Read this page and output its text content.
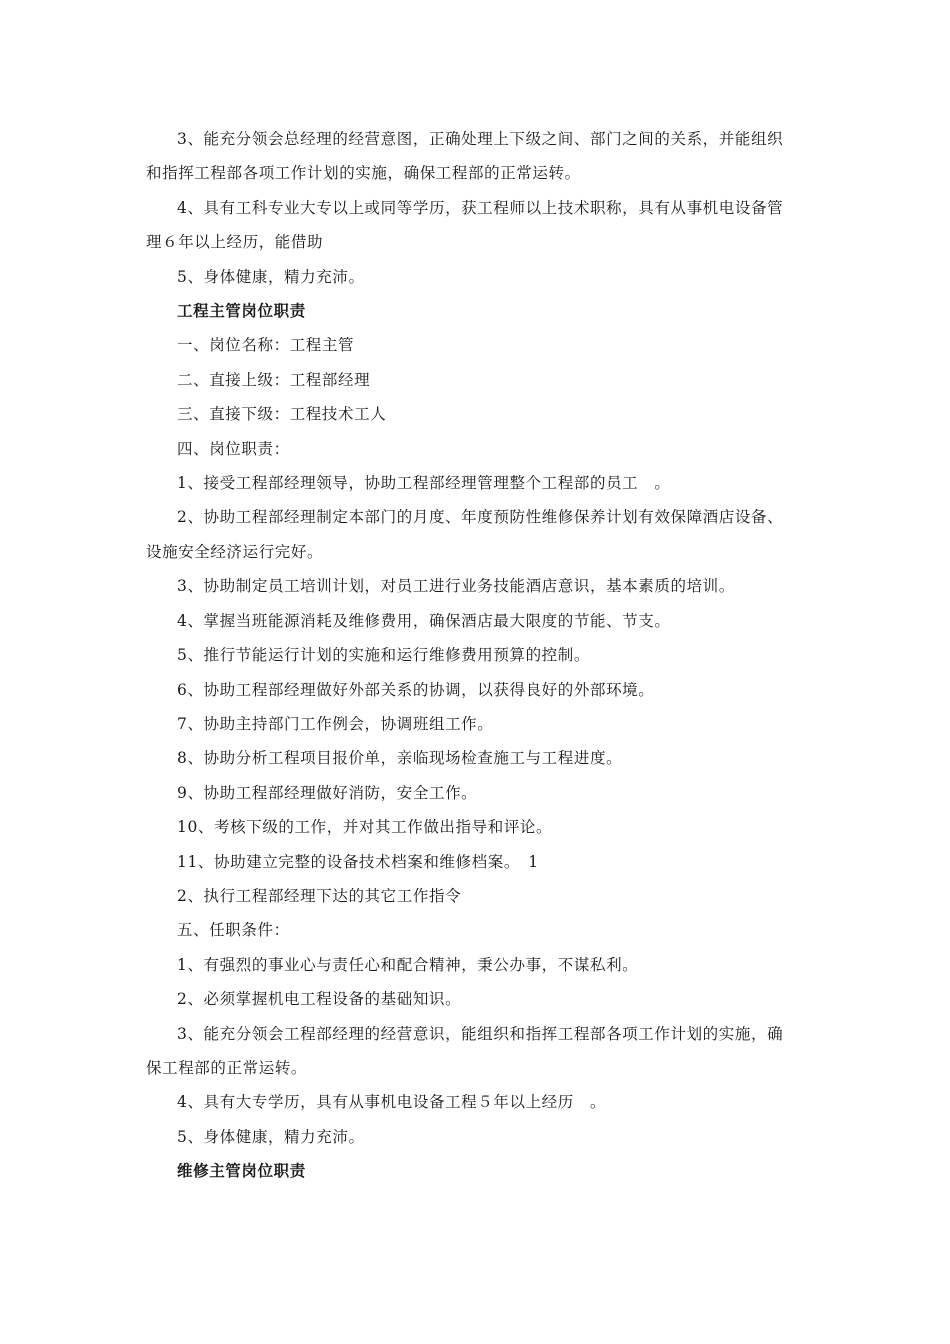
3、能充分领会总经理的经营意图，正确处理上下级之间、部门之间的关系，并能组织
和指挥工程部各项工作计划的实施，确保工程部的正常运转。

4、具有工科专业大专以上或同等学历，获工程师以上技术职称，具有从事机电设备管
理６年以上经历，能借助

5、身体健康，精力充沛。

工程主管岗位职责

一、岗位名称：工程主管

二、直接上级：工程部经理

三、直接下级：工程技术工人

四、岗位职责：

1、接受工程部经理领导，协助工程部经理管理整个工程部的员工　。

2、协助工程部经理制定本部门的月度、年度预防性维修保养计划有效保障酒店设备、
设施安全经济运行完好。

3、协助制定员工培训计划，对员工进行业务技能酒店意识，基本素质的培训。

4、掌握当班能源消耗及维修费用，确保酒店最大限度的节能、节支。

5、推行节能运行计划的实施和运行维修费用预算的控制。

6、协助工程部经理做好外部关系的协调，以获得良好的外部环境。

7、协助主持部门工作例会，协调班组工作。

8、协助分析工程项目报价单，亲临现场检查施工与工程进度。

9、协助工程部经理做好消防，安全工作。

10、考核下级的工作，并对其工作做出指导和评论。

11、协助建立完整的设备技术档案和维修档案。　1

2、执行工程部经理下达的其它工作指令

五、任职条件：

1、有强烈的事业心与责任心和配合精神，秉公办事，不谋私利。

2、必须掌握机电工程设备的基础知识。

3、能充分领会工程部经理的经营意识，能组织和指挥工程部各项工作计划的实施，确
保工程部的正常运转。

4、具有大专学历，具有从事机电设备工程５年以上经历　。

5、身体健康，精力充沛。

维修主管岗位职责
